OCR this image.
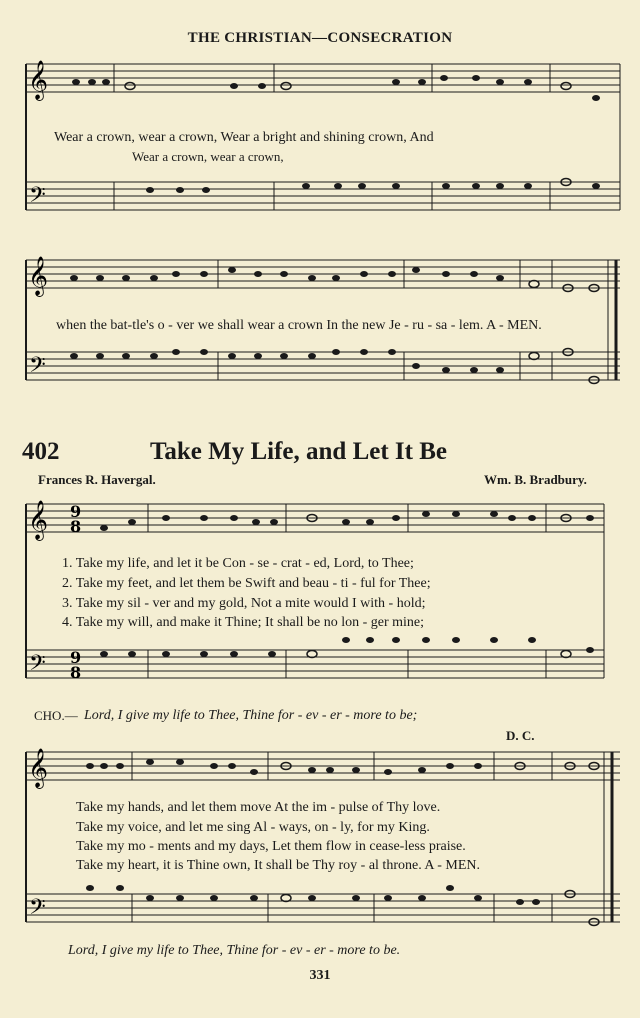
THE CHRISTIAN—CONSECRATION
𝄞
𝄢
Wear a crown, wear a crown, Wear a bright and shining crown, And
Wear a crown, wear a crown,
𝄞
𝄢
when the bat-tle's o - ver we shall wear a crown In the new Je - ru - sa - lem. A - MEN.
402	Take My Life, and Let It Be
Frances R. Havergal.	Wm. B. Bradbury.
𝄞
𝄢
9
8
9
8
1. Take my life, and let it be Con - se - crat - ed, Lord, to Thee;
2. Take my feet, and let them be Swift and beau - ti - ful for Thee;
3. Take my sil - ver and my gold, Not a mite would I with - hold;
4. Take my will, and make it Thine; It shall be no lon - ger mine;
CHO.— Lord, I give my life to Thee, Thine for - ev - er - more to be;
D. C.
𝄞
𝄢
Take my hands, and let them move At the im - pulse of Thy love.
Take my voice, and let me sing Al - ways, on - ly, for my King.
Take my mo - ments and my days, Let them flow in cease-less praise.
Take my heart, it is Thine own, It shall be Thy roy - al throne. A - MEN.
Lord, I give my life to Thee, Thine for - ev - er - more to be.
331
